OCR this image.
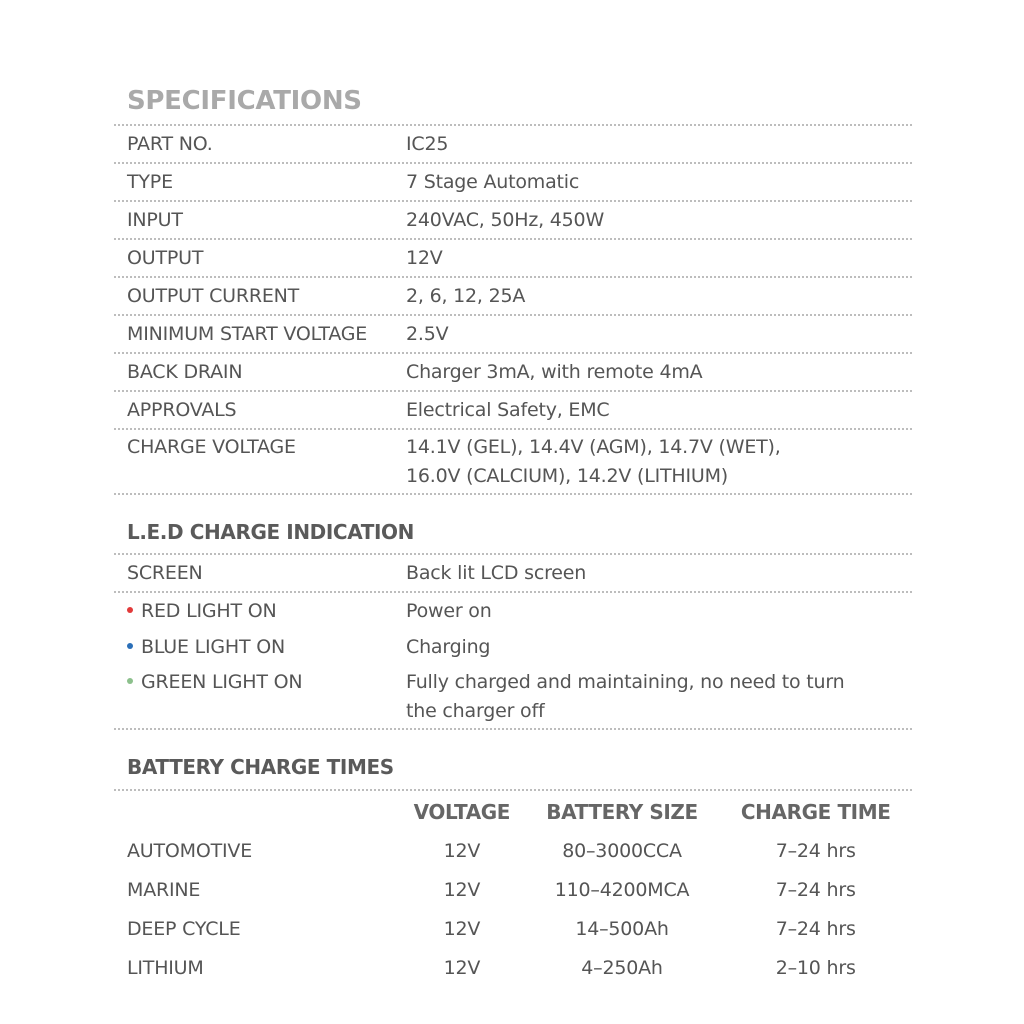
SPECIFICATIONS
PART NO.	IC25
TYPE	7 Stage Automatic
INPUT	240VAC, 50Hz, 450W
OUTPUT	12V
OUTPUT CURRENT	2, 6, 12, 25A
MINIMUM START VOLTAGE	2.5V
BACK DRAIN	Charger 3mA, with remote 4mA
APPROVALS	Electrical Safety, EMC
CHARGE VOLTAGE	14.1V (GEL), 14.4V (AGM), 14.7V (WET),
16.0V (CALCIUM), 14.2V (LITHIUM)
L.E.D CHARGE INDICATION
SCREEN	Back lit LCD screen
RED LIGHT ON	Power on
BLUE LIGHT ON	Charging
GREEN LIGHT ON	Fully charged and maintaining, no need to turn
the charger off
BATTERY CHARGE TIMES
	VOLTAGE	BATTERY SIZE	CHARGE TIME
AUTOMOTIVE	12V	80–3000CCA	7–24 hrs
MARINE	12V	110–4200MCA	7–24 hrs
DEEP CYCLE	12V	14–500Ah	7–24 hrs
LITHIUM	12V	4–250Ah	2–10 hrs
